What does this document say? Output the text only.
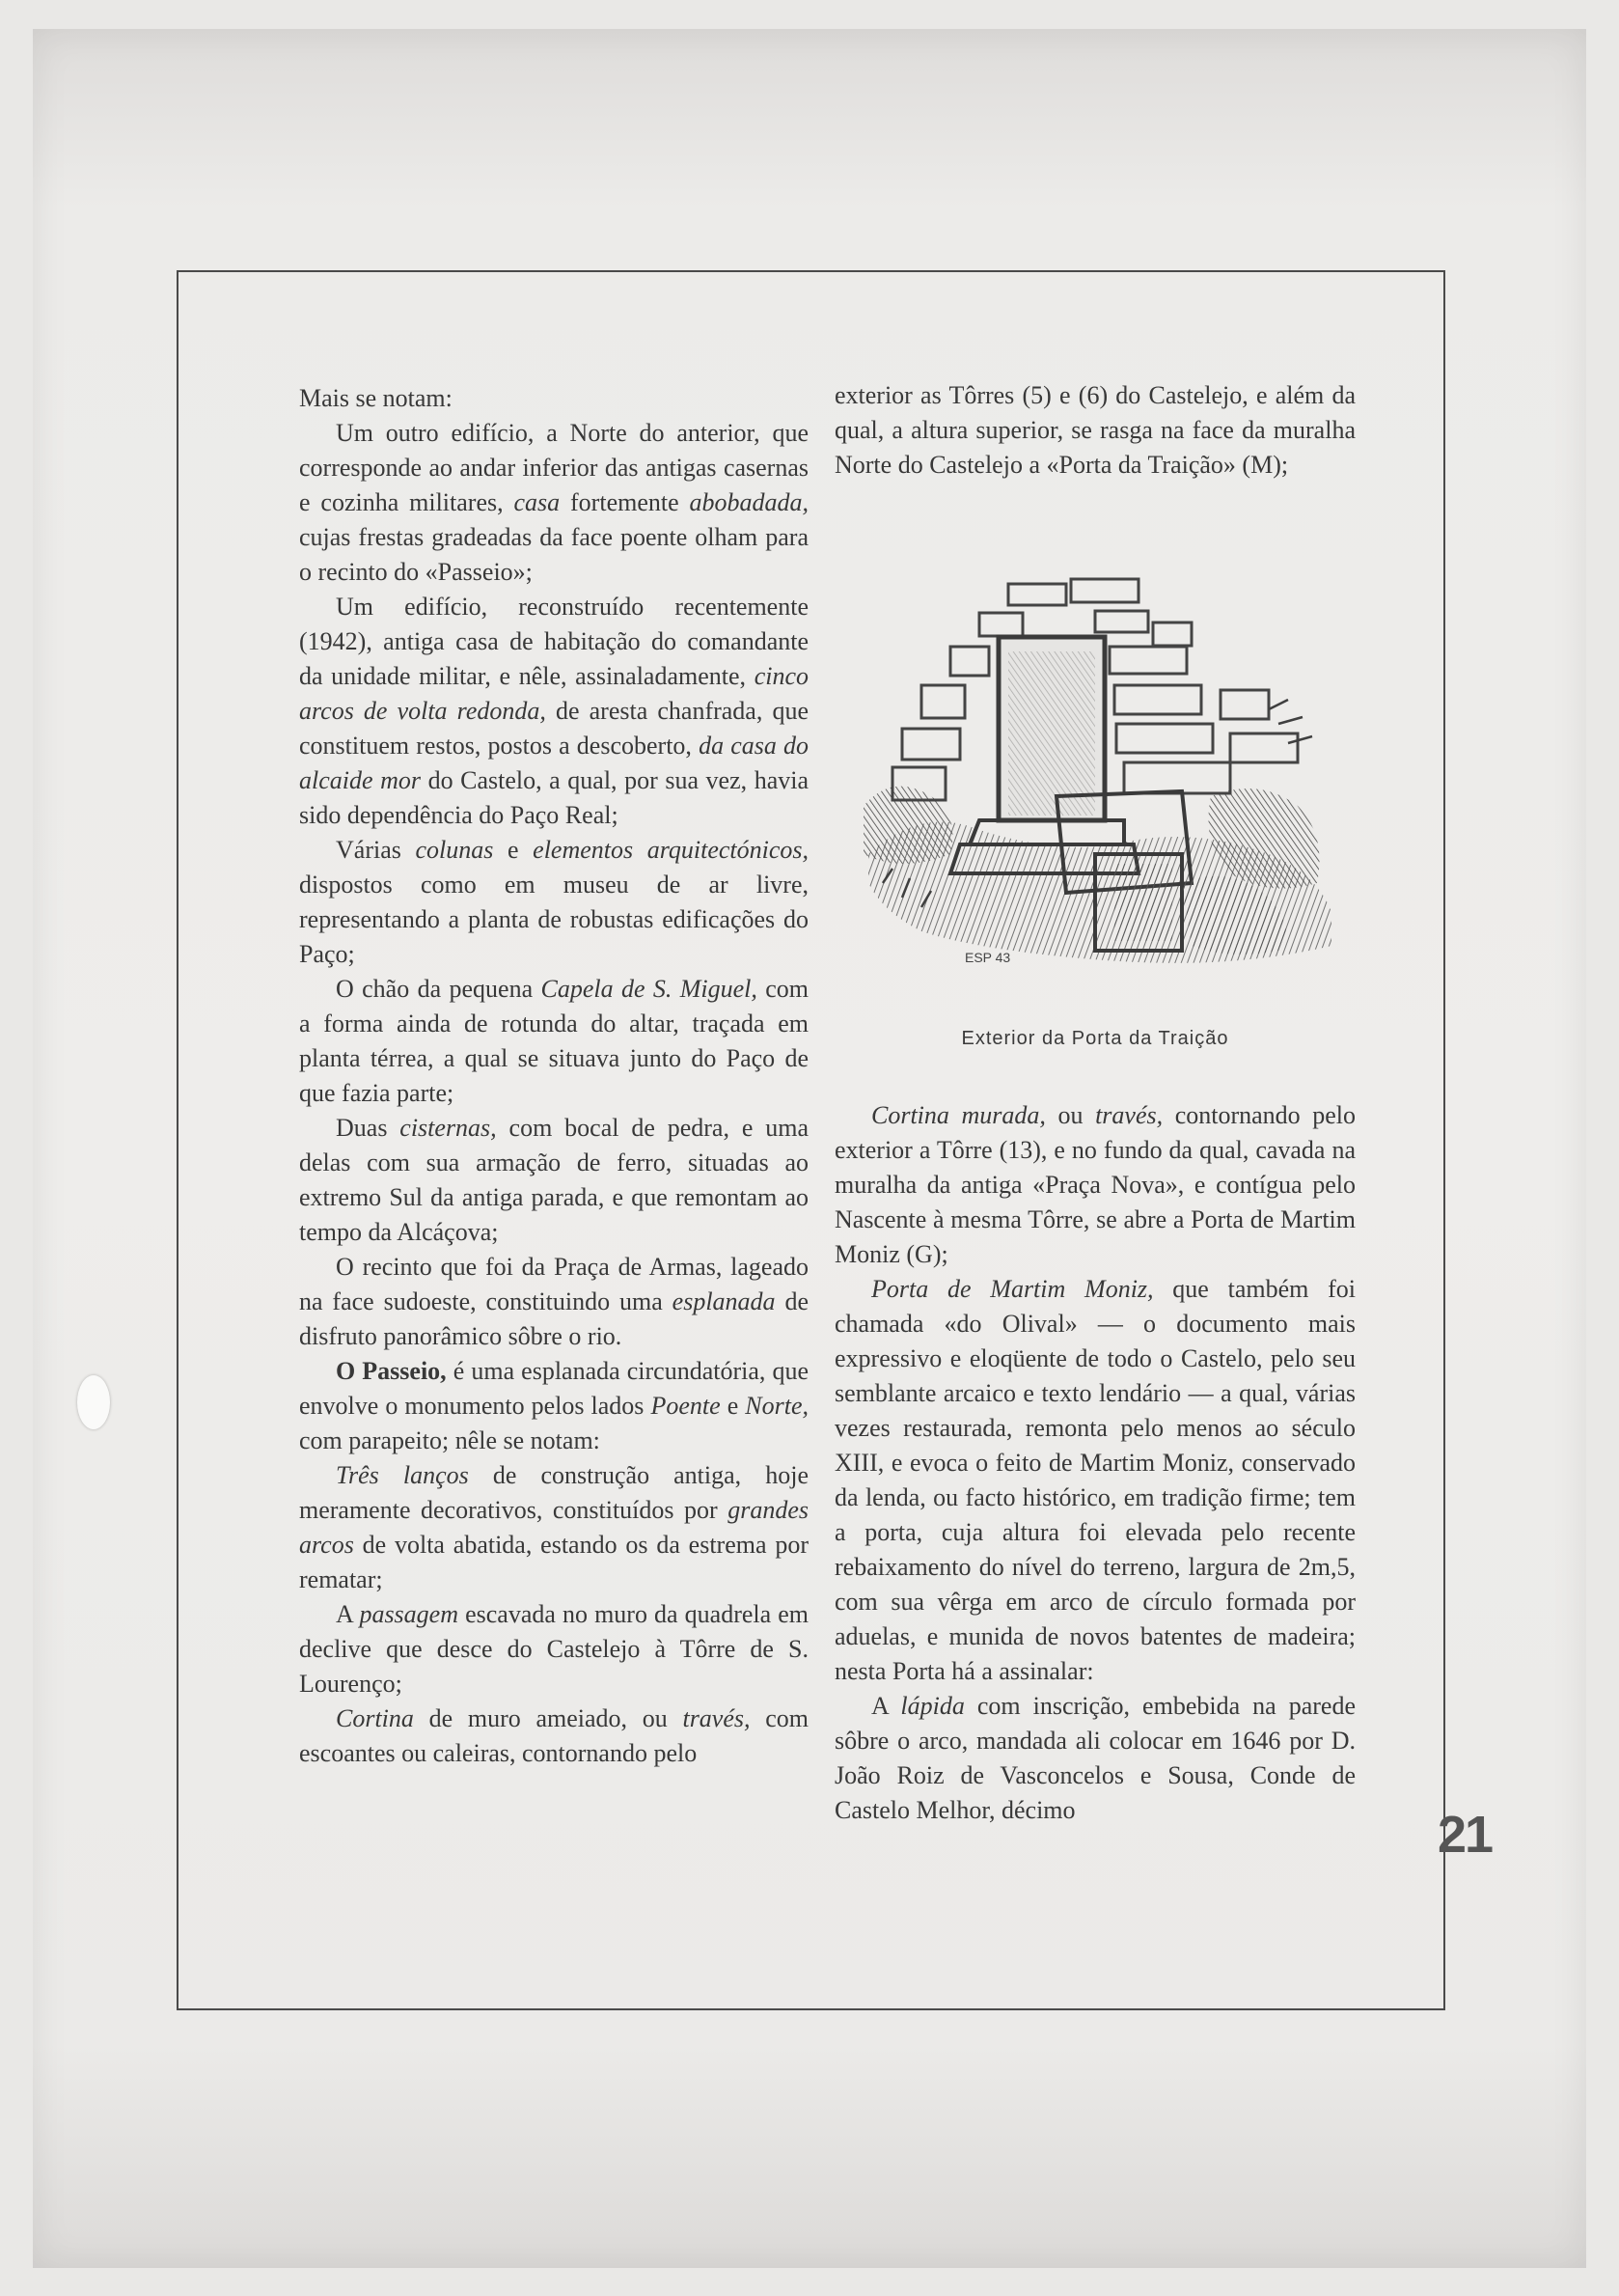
Mais se notam:

Um outro edifício, a Norte do anterior, que corresponde ao andar inferior das antigas casernas e cozinha militares, casa fortemente abobadada, cujas frestas gradeadas da face poente olham para o recinto do «Passeio»;

Um edifício, reconstruído recentemente (1942), antiga casa de habitação do comandante da unidade militar, e nêle, assinaladamente, cinco arcos de volta redonda, de aresta chanfrada, que constituem restos, postos a descoberto, da casa do alcaide mor do Castelo, a qual, por sua vez, havia sido dependência do Paço Real;

Várias colunas e elementos arquitectónicos, dispostos como em museu de ar livre, representando a planta de robustas edificações do Paço;

O chão da pequena Capela de S. Miguel, com a forma ainda de rotunda do altar, traçada em planta térrea, a qual se situava junto do Paço de que fazia parte;

Duas cisternas, com bocal de pedra, e uma delas com sua armação de ferro, situadas ao extremo Sul da antiga parada, e que remontam ao tempo da Alcáçova;

O recinto que foi da Praça de Armas, lageado na face sudoeste, constituindo uma esplanada de disfruto panorâmico sôbre o rio.

O Passeio, é uma esplanada circundatória, que envolve o monumento pelos lados Poente e Norte, com parapeito; nêle se notam:

Três lanços de construção antiga, hoje meramente decorativos, constituídos por grandes arcos de volta abatida, estando os da estrema por rematar;

A passagem escavada no muro da quadrela em declive que desce do Castelejo à Tôrre de S. Lourenço;

Cortina de muro ameiado, ou través, com escoantes ou caleiras, contornando pelo

exterior as Tôrres (5) e (6) do Castelejo, e além da qual, a altura superior, se rasga na face da muralha Norte do Castelejo a «Porta da Traição» (M);

ESP 43
Exterior da Porta da Traição

Cortina murada, ou través, contornando pelo exterior a Tôrre (13), e no fundo da qual, cavada na muralha da antiga «Praça Nova», e contígua pelo Nascente à mesma Tôrre, se abre a Porta de Martim Moniz (G);

Porta de Martim Moniz, que também foi chamada «do Olival» — o documento mais expressivo e eloqüente de todo o Castelo, pelo seu semblante arcaico e texto lendário — a qual, várias vezes restaurada, remonta pelo menos ao século XIII, e evoca o feito de Martim Moniz, conservado da lenda, ou facto histórico, em tradição firme; tem a porta, cuja altura foi elevada pelo recente rebaixamento do nível do terreno, largura de 2m,5, com sua vêrga em arco de círculo formada por aduelas, e munida de novos batentes de madeira; nesta Porta há a assinalar:

A lápida com inscrição, embebida na parede sôbre o arco, mandada ali colocar em 1646 por D. João Roiz de Vasconcelos e Sousa, Conde de Castelo Melhor, décimo	21
